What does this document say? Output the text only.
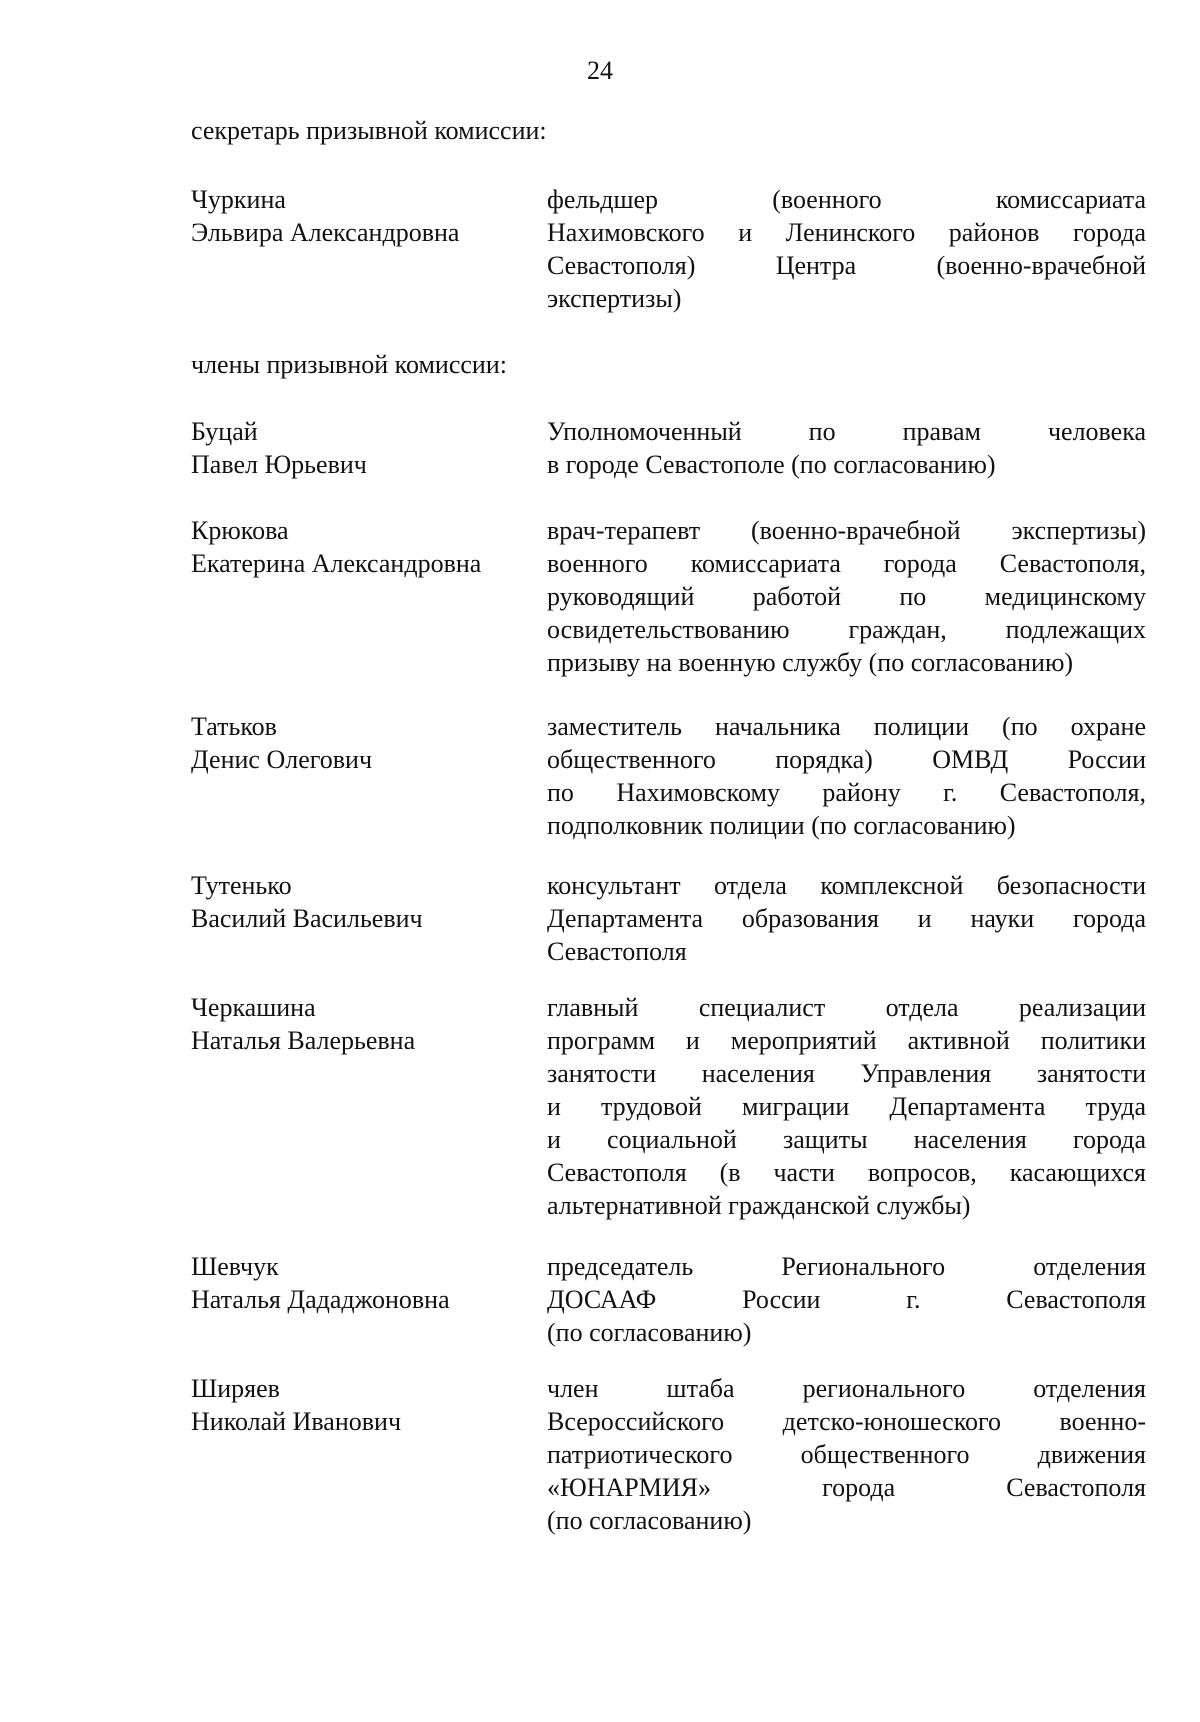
24
секретарь призывной комиссии:
Чуркина
Эльвира Александровна
фельдшер (военного комиссариата
Нахимовского и Ленинского районов города
Севастополя) Центра (военно-врачебной
экспертизы)
члены призывной комиссии:
Буцай
Павел Юрьевич
Уполномоченный по правам человека
в городе Севастополе (по согласованию)
Крюкова
Екатерина Александровна
врач-терапевт (военно-врачебной экспертизы)
военного комиссариата города Севастополя,
руководящий работой по медицинскому
освидетельствованию граждан, подлежащих
призыву на военную службу (по согласованию)
Татьков
Денис Олегович
заместитель начальника полиции (по охране
общественного порядка) ОМВД России
по Нахимовскому району г. Севастополя,
подполковник полиции (по согласованию)
Тутенько
Василий Васильевич
консультант отдела комплексной безопасности
Департамента образования и науки города
Севастополя
Черкашина
Наталья Валерьевна
главный специалист отдела реализации
программ и мероприятий активной политики
занятости населения Управления занятости
и трудовой миграции Департамента труда
и социальной защиты населения города
Севастополя (в части вопросов, касающихся
альтернативной гражданской службы)
Шевчук
Наталья Дададжоновна
председатель Регионального отделения
ДОСААФ России г. Севастополя
(по согласованию)
Ширяев
Николай Иванович
член штаба регионального отделения
Всероссийского детско-юношеского военно-
патриотического общественного движения
«ЮНАРМИЯ» города Севастополя
(по согласованию)
